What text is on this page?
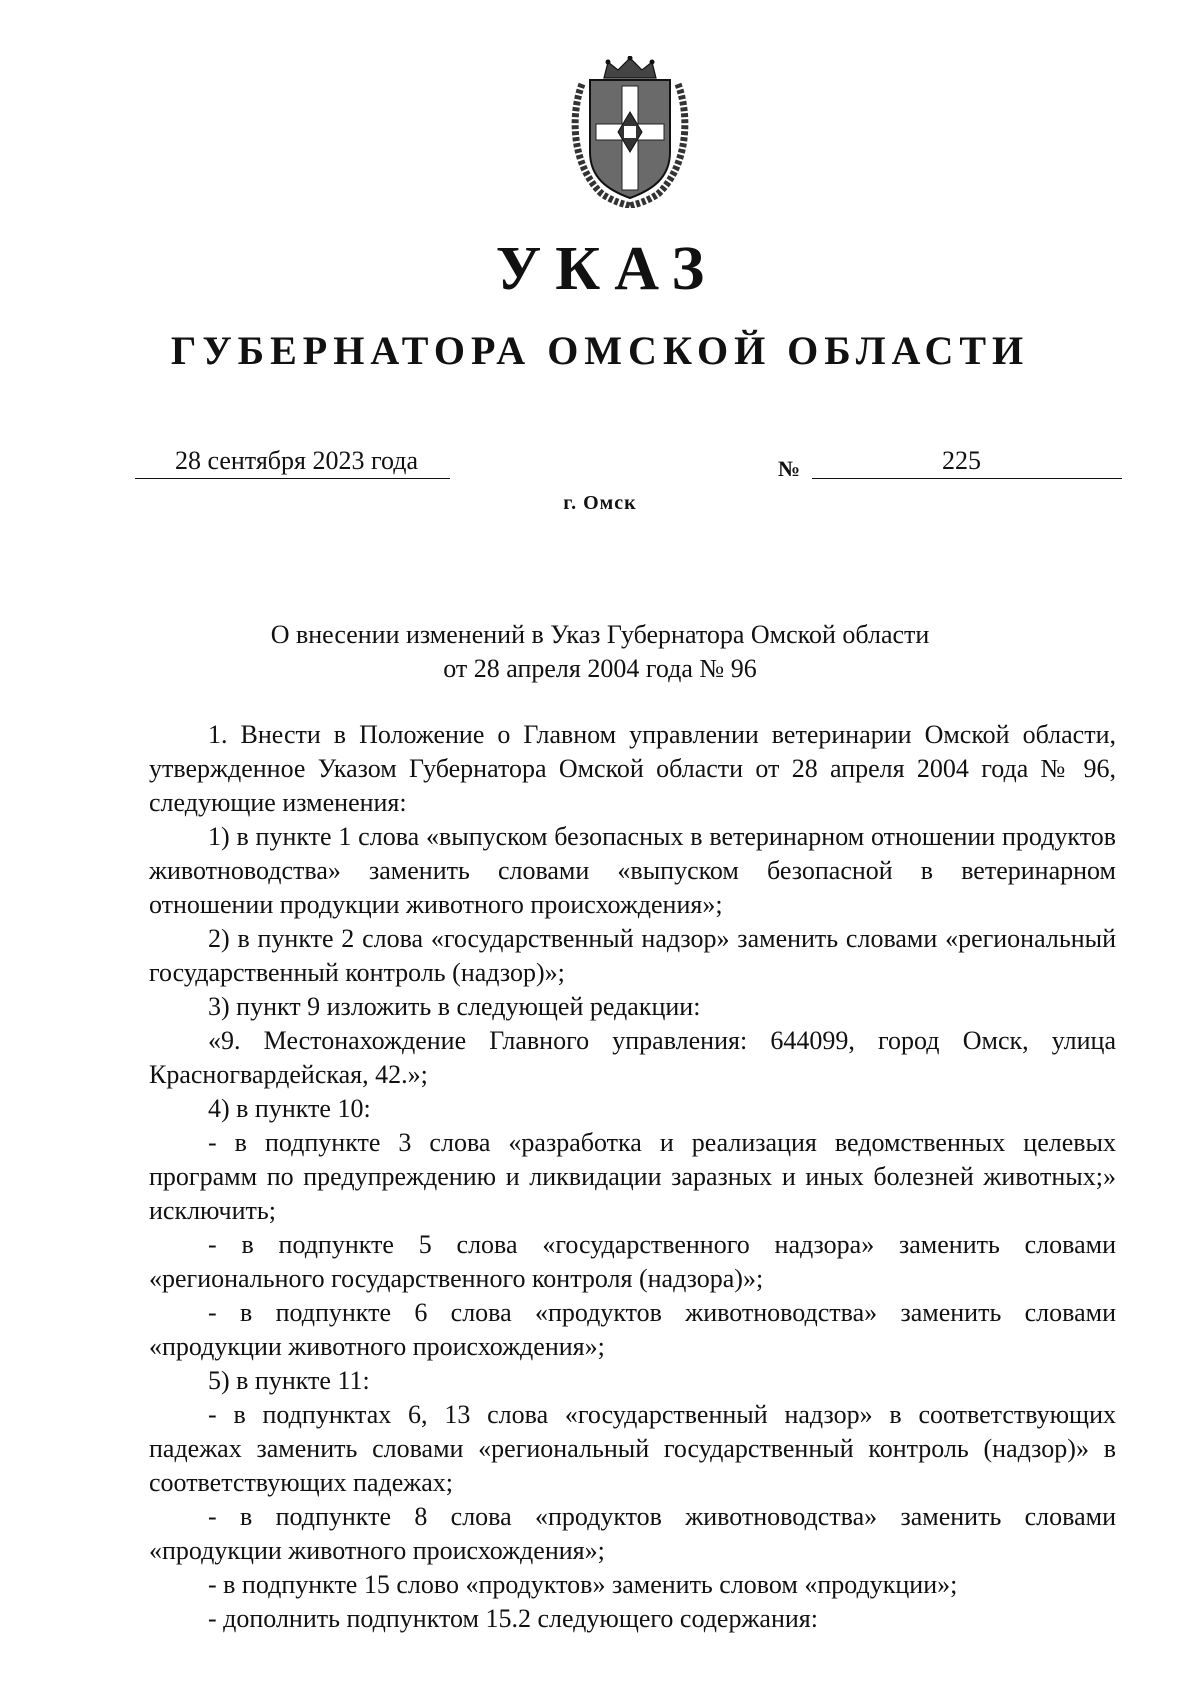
УКАЗ
ГУБЕРНАТОРА ОМСКОЙ ОБЛАСТИ
28 сентября 2023 года	№	225
г. Омск
О внесении изменений в Указ Губернатора Омской области
от 28 апреля 2004 года № 96

1. Внести в Положение о Главном управлении ветеринарии Омской области, утвержденное Указом Губернатора Омской области от 28 апреля 2004 года № 96, следующие изменения:

1) в пункте 1 слова «выпуском безопасных в ветеринарном отношении продуктов животноводства» заменить словами «выпуском безопасной в ветеринарном отношении продукции животного происхождения»;

2) в пункте 2 слова «государственный надзор» заменить словами «региональный государственный контроль (надзор)»;

3) пункт 9 изложить в следующей редакции:

«9. Местонахождение Главного управления: 644099, город Омск, улица Красногвардейская, 42.»;

4) в пункте 10:

- в подпункте 3 слова «разработка и реализация ведомственных целевых программ по предупреждению и ликвидации заразных и иных болезней животных;» исключить;

- в подпункте 5 слова «государственного надзора» заменить словами «регионального государственного контроля (надзора)»;

- в подпункте 6 слова «продуктов животноводства» заменить словами «продукции животного происхождения»;

5) в пункте 11:

- в подпунктах 6, 13 слова «государственный надзор» в соответствующих падежах заменить словами «региональный государственный контроль (надзор)» в соответствующих падежах;

- в подпункте 8 слова «продуктов животноводства» заменить словами «продукции животного происхождения»;

- в подпункте 15 слово «продуктов» заменить словом «продукции»;

- дополнить подпунктом 15.2 следующего содержания:
